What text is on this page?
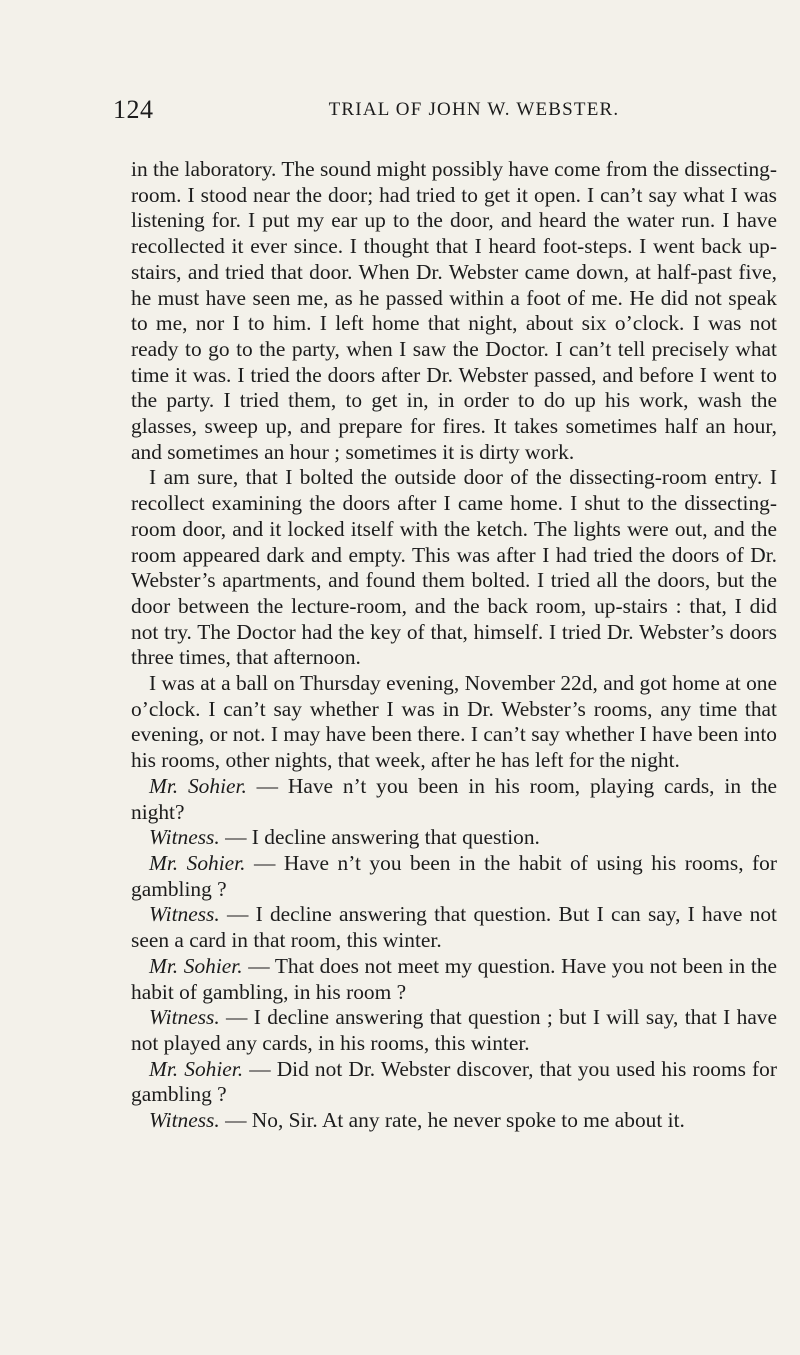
124	TRIAL OF JOHN W. WEBSTER.

in the laboratory. The sound might possibly have come from the dissecting-room. I stood near the door; had tried to get it open. I can’t say what I was listening for. I put my ear up to the door, and heard the water run. I have recollected it ever since. I thought that I heard foot-steps. I went back up-stairs, and tried that door. When Dr. Webster came down, at half-past five, he must have seen me, as he passed within a foot of me. He did not speak to me, nor I to him. I left home that night, about six o’clock. I was not ready to go to the party, when I saw the Doctor. I can’t tell precisely what time it was. I tried the doors after Dr. Webster passed, and before I went to the party. I tried them, to get in, in order to do up his work, wash the glasses, sweep up, and prepare for fires. It takes sometimes half an hour, and sometimes an hour ; sometimes it is dirty work.

I am sure, that I bolted the outside door of the dissecting-room entry. I recollect examining the doors after I came home. I shut to the dissecting-room door, and it locked itself with the ketch. The lights were out, and the room appeared dark and empty. This was after I had tried the doors of Dr. Webster’s apartments, and found them bolted. I tried all the doors, but the door between the lecture-room, and the back room, up-stairs : that, I did not try. The Doctor had the key of that, himself. I tried Dr. Webster’s doors three times, that afternoon.

I was at a ball on Thursday evening, November 22d, and got home at one o’clock. I can’t say whether I was in Dr. Webster’s rooms, any time that evening, or not. I may have been there. I can’t say whether I have been into his rooms, other nights, that week, after he has left for the night.

Mr. Sohier. — Have n’t you been in his room, playing cards, in the night?

Witness. — I decline answering that question.

Mr. Sohier. — Have n’t you been in the habit of using his rooms, for gambling ?

Witness. — I decline answering that question. But I can say, I have not seen a card in that room, this winter.

Mr. Sohier. — That does not meet my question. Have you not been in the habit of gambling, in his room ?

Witness. — I decline answering that question ; but I will say, that I have not played any cards, in his rooms, this winter.

Mr. Sohier. — Did not Dr. Webster discover, that you used his rooms for gambling ?

Witness. — No, Sir. At any rate, he never spoke to me about it.
